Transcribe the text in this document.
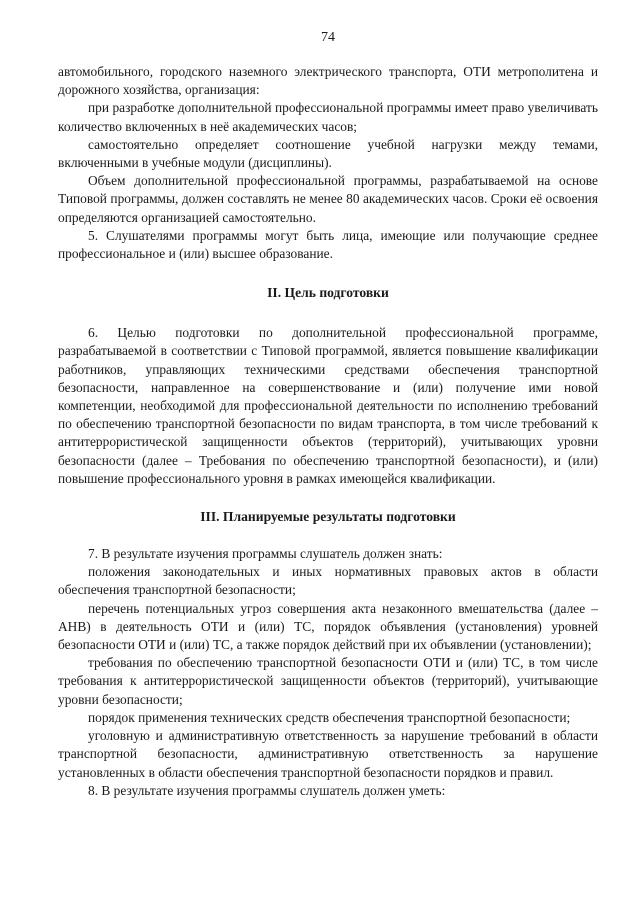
74

автомобильного, городского наземного электрического транспорта, ОТИ метрополитена и дорожного хозяйства, организация:

при разработке дополнительной профессиональной программы имеет право увеличивать количество включенных в неё академических часов;

самостоятельно определяет соотношение учебной нагрузки между темами, включенными в учебные модули (дисциплины).

Объем дополнительной профессиональной программы, разрабатываемой на основе Типовой программы, должен составлять не менее 80 академических часов. Сроки её освоения определяются организацией самостоятельно.

5. Слушателями программы могут быть лица, имеющие или получающие среднее профессиональное и (или) высшее образование.

II. Цель подготовки

6. Целью подготовки по дополнительной профессиональной программе, разрабатываемой в соответствии с Типовой программой, является повышение квалификации работников, управляющих техническими средствами обеспечения транспортной безопасности, направленное на совершенствование и (или) получение ими новой компетенции, необходимой для профессиональной деятельности по исполнению требований по обеспечению транспортной безопасности по видам транспорта, в том числе требований к антитеррористической защищенности объектов (территорий), учитывающих уровни безопасности (далее – Требования по обеспечению транспортной безопасности), и (или) повышение профессионального уровня в рамках имеющейся квалификации.

III. Планируемые результаты подготовки

7. В результате изучения программы слушатель должен знать:

положения законодательных и иных нормативных правовых актов в области обеспечения транспортной безопасности;

перечень потенциальных угроз совершения акта незаконного вмешательства (далее – АНВ) в деятельность ОТИ и (или) ТС, порядок объявления (установления) уровней безопасности ОТИ и (или) ТС, а также порядок действий при их объявлении (установлении);

требования по обеспечению транспортной безопасности ОТИ и (или) ТС, в том числе требования к антитеррористической защищенности объектов (территорий), учитывающие уровни безопасности;

порядок применения технических средств обеспечения транспортной безопасности;

уголовную и административную ответственность за нарушение требований в области транспортной безопасности, административную ответственность за нарушение установленных в области обеспечения транспортной безопасности порядков и правил.

8. В результате изучения программы слушатель должен уметь:
